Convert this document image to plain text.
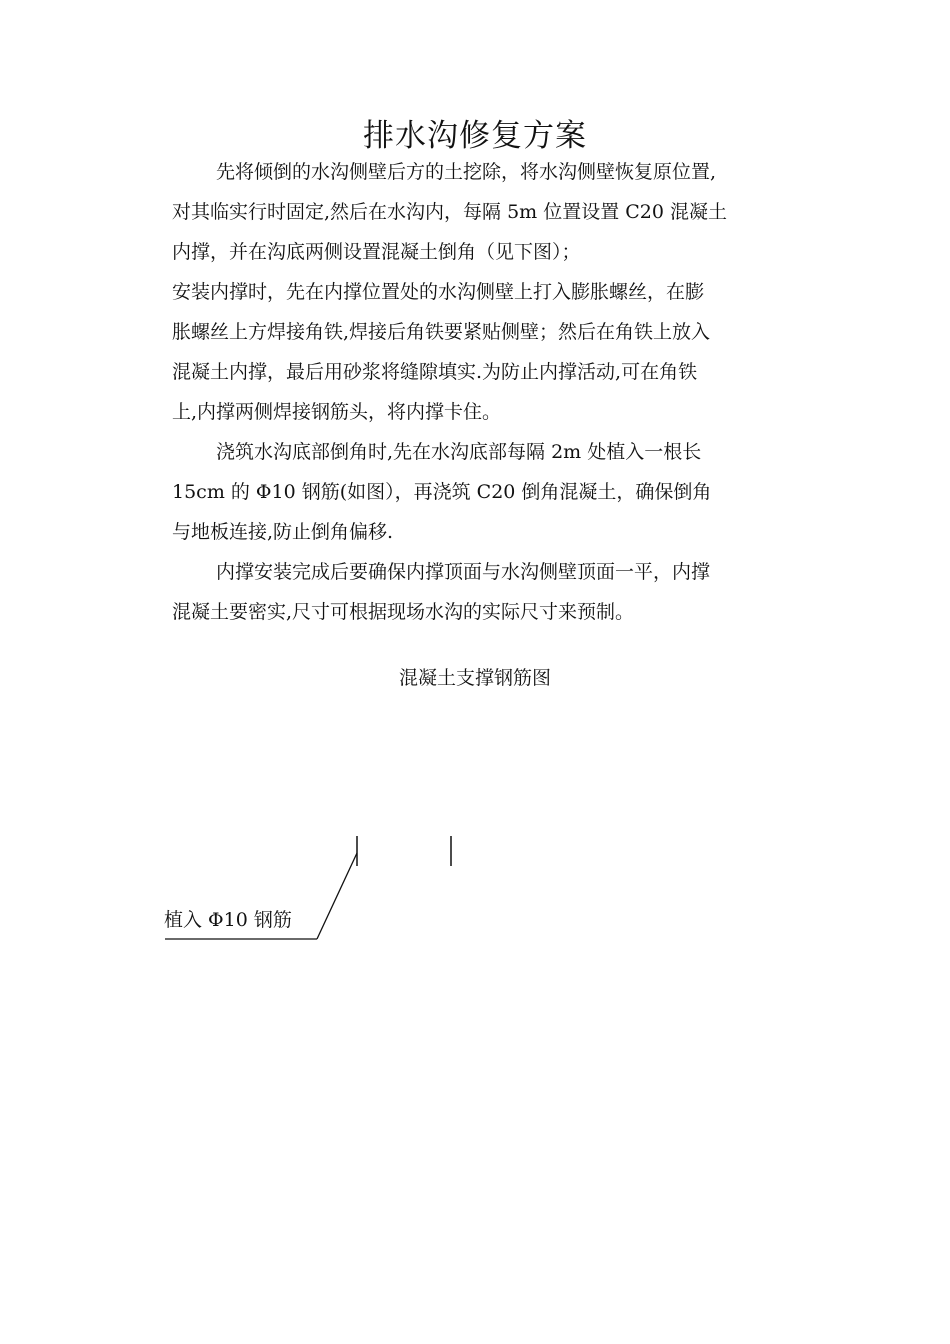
排水沟修复方案
先将倾倒的水沟侧壁后方的土挖除，将水沟侧壁恢复原位置,
对其临实行时固定,然后在水沟内，每隔 5m 位置设置 C20 混凝土
内撑，并在沟底两侧设置混凝土倒角（见下图）；
安装内撑时，先在内撑位置处的水沟侧壁上打入膨胀螺丝，在膨
胀螺丝上方焊接角铁,焊接后角铁要紧贴侧壁；然后在角铁上放入
混凝土内撑，最后用砂浆将缝隙填实.为防止内撑活动,可在角铁
上,内撑两侧焊接钢筋头，将内撑卡住。
浇筑水沟底部倒角时,先在水沟底部每隔 2m 处植入一根长
15cm 的 Φ10 钢筋(如图），再浇筑 C20 倒角混凝土，确保倒角
与地板连接,防止倒角偏移.
内撑安装完成后要确保内撑顶面与水沟侧壁顶面一平，内撑
混凝土要密实,尺寸可根据现场水沟的实际尺寸来预制。
混凝土支撑钢筋图
植入 Φ10 钢筋
